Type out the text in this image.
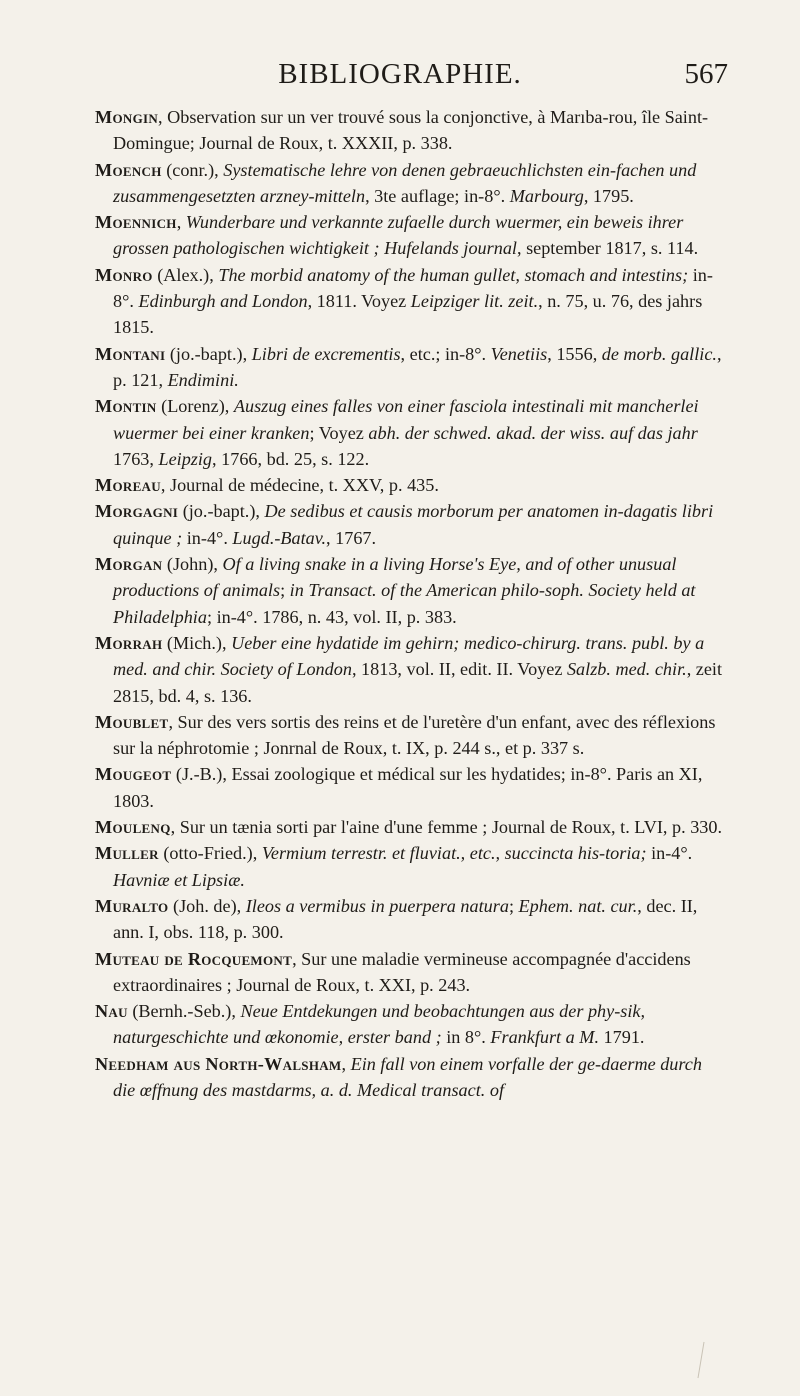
BIBLIOGRAPHIE.	567

Mongin, Observation sur un ver trouvé sous la conjonctive, à Marıba-rou, île Saint-Domingue; Journal de Roux, t. XXXII, p. 338.

Moench (conr.), Systematische lehre von denen gebraeuchlichsten ein-fachen und zusammengesetzten arzney-mitteln, 3te auflage; in-8°. Marbourg, 1795.

Moennich, Wunderbare und verkannte zufaelle durch wuermer, ein beweis ihrer grossen pathologischen wichtigkeit ; Hufelands journal, september 1817, s. 114.

Monro (Alex.), The morbid anatomy of the human gullet, stomach and intestins; in-8°. Edinburgh and London, 1811. Voyez Leipziger lit. zeit., n. 75, u. 76, des jahrs 1815.

Montani (jo.-bapt.), Libri de excrementis, etc.; in-8°. Venetiis, 1556, de morb. gallic., p. 121, Endimini.

Montin (Lorenz), Auszug eines falles von einer fasciola intestinali mit mancherlei wuermer bei einer kranken; Voyez abh. der schwed. akad. der wiss. auf das jahr 1763, Leipzig, 1766, bd. 25, s. 122.

Moreau, Journal de médecine, t. XXV, p. 435.

Morgagni (jo.-bapt.), De sedibus et causis morborum per anatomen in-dagatis libri quinque ; in-4°. Lugd.-Batav., 1767.

Morgan (John), Of a living snake in a living Horse's Eye, and of other unusual productions of animals; in Transact. of the American philo-soph. Society held at Philadelphia; in-4°. 1786, n. 43, vol. II, p. 383.

Morrah (Mich.), Ueber eine hydatide im gehirn; medico-chirurg. trans. publ. by a med. and chir. Society of London, 1813, vol. II, edit. II. Voyez Salzb. med. chir., zeit 2815, bd. 4, s. 136.

Moublet, Sur des vers sortis des reins et de l'uretère d'un enfant, avec des réflexions sur la néphrotomie ; Jonrnal de Roux, t. IX, p. 244 s., et p. 337 s.

Mougeot (J.-B.), Essai zoologique et médical sur les hydatides; in-8°. Paris an XI, 1803.

Moulenq, Sur un tænia sorti par l'aine d'une femme ; Journal de Roux, t. LVI, p. 330.

Muller (otto-Fried.), Vermium terrestr. et fluviat., etc., succincta his-toria; in-4°. Havniæ et Lipsiæ.

Muralto (Joh. de), Ileos a vermibus in puerpera natura; Ephem. nat. cur., dec. II, ann. I, obs. 118, p. 300.

Muteau de Rocquemont, Sur une maladie vermineuse accompagnée d'accidens extraordinaires ; Journal de Roux, t. XXI, p. 243.

Nau (Bernh.-Seb.), Neue Entdekungen und beobachtungen aus der phy-sik, naturgeschichte und œkonomie, erster band ; in 8°. Frankfurt a M. 1791.

Needham aus North-Walsham, Ein fall von einem vorfalle der ge-daerme durch die œffnung des mastdarms, a. d. Medical transact. of
